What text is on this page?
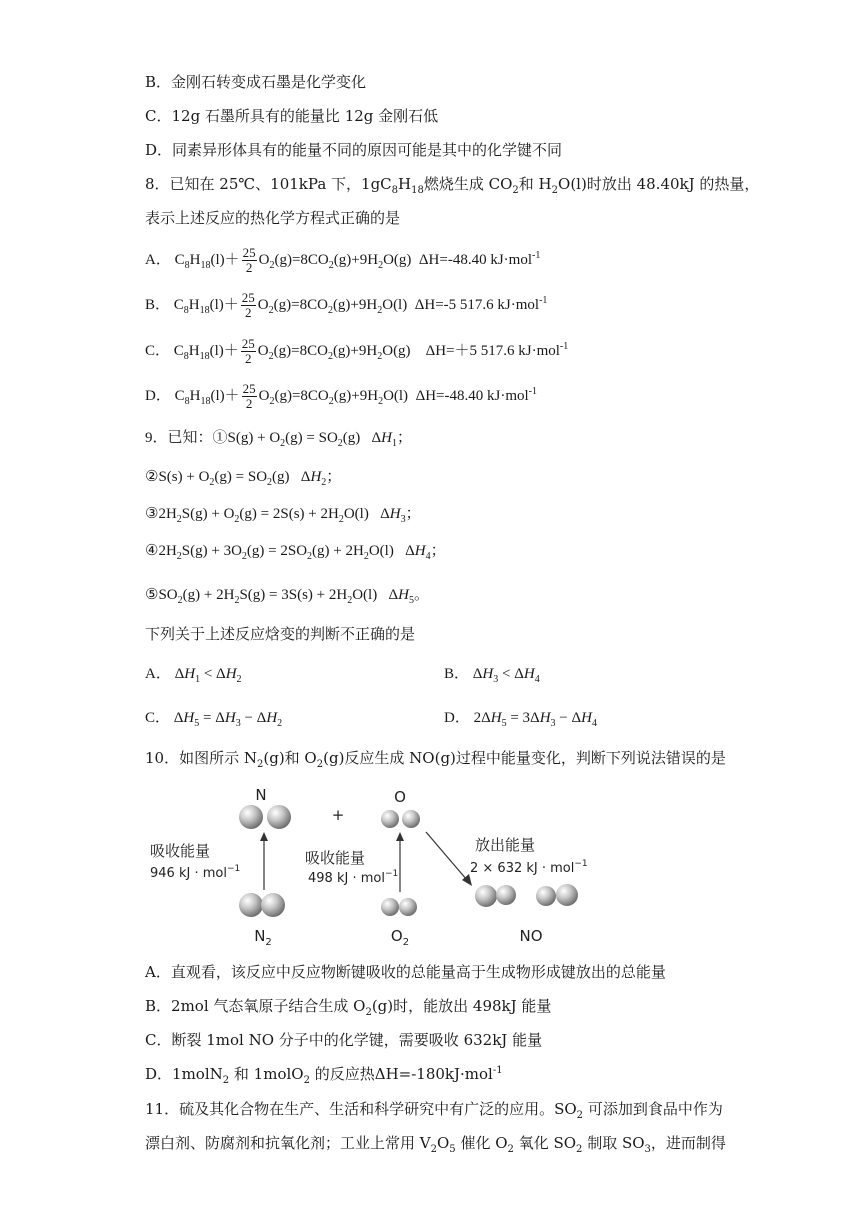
B．金刚石转变成石墨是化学变化
C．12g 石墨所具有的能量比 12g 金刚石低
D．同素异形体具有的能量不同的原因可能是其中的化学键不同
8．已知在 25℃、101kPa 下，$1gC_8H_{18}$燃烧生成 $CO_2$和 $H_2O(l)$时放出 48.40kJ 的热量，
表示上述反应的热化学方程式正确的是
A． $C_8H_{18}(l)+ \frac{25}{2} O_2(g)=8CO_2(g)+9H_2O(g)$  ΔH=-48.40 kJ·mol$^{-1}$
B． $C_8H_{18}(l)+ \frac{25}{2} O_2(g)=8CO_2(g)+9H_2O(l)$  ΔH=-5 517.6 kJ·mol$^{-1}$
C． $C_8H_{18}(l)+ \frac{25}{2} O_2(g)=8CO_2(g)+9H_2O(g)$    ΔH=＋5 517.6 kJ·mol$^{-1}$
D． $C_8H_{18}(l)+ \frac{25}{2} O_2(g)=8CO_2(g)+9H_2O(l)$  ΔH=-48.40 kJ·mol$^{-1}$
9．已知：①S(g) + $O_2(g) = SO_2(g)$   $\Delta H_1$；
②S(s) + $O_2(g) = SO_2(g)$   $\Delta H_2$；
$③2H_2S(g) + O_2(g) = 2S(s) + 2H_2O(l)$   $\Delta H_3$；
$④2H_2S(g) + 3O_2(g) = 2SO_2(g) + 2H_2O(l)$   $\Delta H_4$；
$⑤SO_2(g) + 2H_2S(g) = 3S(s) + 2H_2O(l)$   $\Delta H_5$。
下列关于上述反应焓变的判断不正确的是
A． $\Delta H_1 < \Delta H_2$	B． $\Delta H_3 < \Delta H_4$
C． $\Delta H_5 = \Delta H_3 - \Delta H_2$	D． $2\Delta H_5 = 3\Delta H_3 - \Delta H_4$
10．如图所示 $N_2(g)$和 $O_2(g)$反应生成 NO(g)过程中能量变化，判断下列说法错误的是
N
$N_2$
吸收能量
946 kJ · mol$^{-1}$
+
O
$O_2$
吸收能量
498 kJ · mol$^{-1}$
放出能量
2 × 632 kJ · mol$^{-1}$
NO
A．直观看，该反应中反应物断键吸收的总能量高于生成物形成键放出的总能量
B．2mol 气态氧原子结合生成 $O_2(g)$时，能放出 498kJ 能量
C．断裂 1mol NO 分子中的化学键，需要吸收 632kJ 能量
D．1molN$_2$ 和 1molO$_2$ 的反应热ΔH=-180kJ·mol$^{-1}$
11．硫及其化合物在生产、生活和科学研究中有广泛的应用。$SO_2$ 可添加到食品中作为
漂白剂、防腐剂和抗氧化剂；工业上常用 $V_2O_5$ 催化 $O_2$ 氧化 $SO_2$ 制取 $SO_3$，进而制得
